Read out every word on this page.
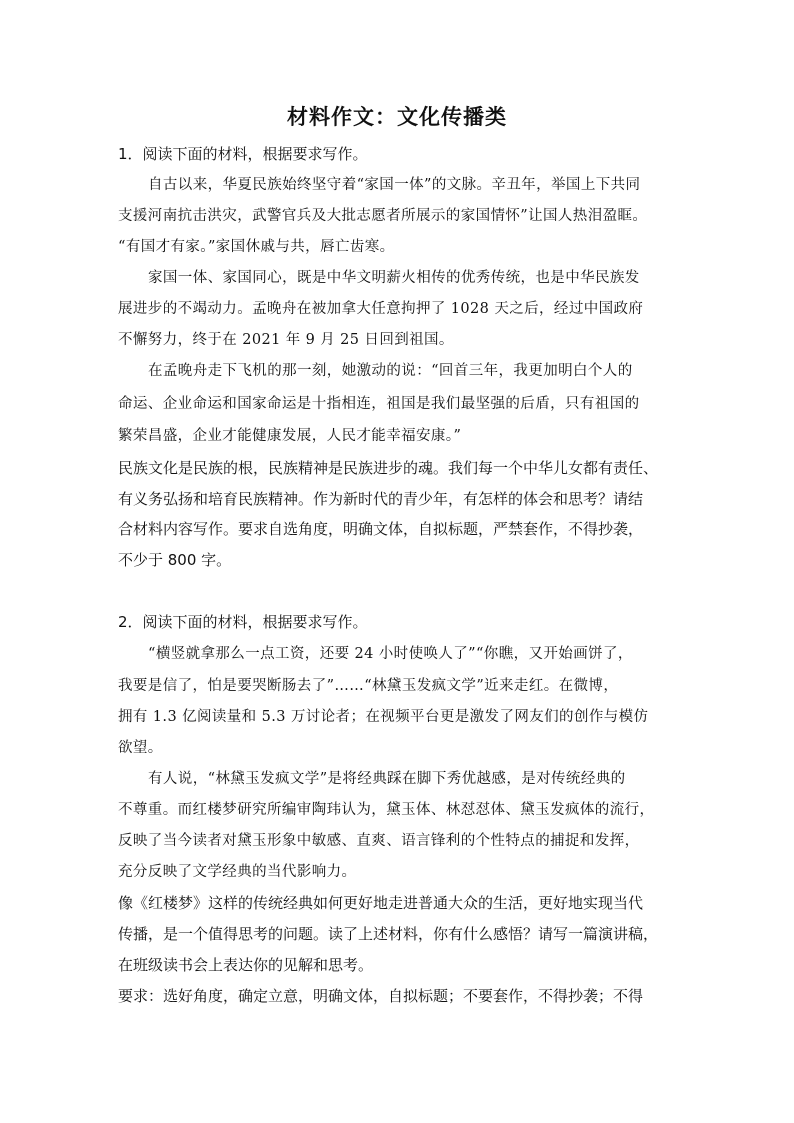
材料作文：文化传播类
1．阅读下面的材料，根据要求写作。
自古以来，华夏民族始终坚守着“家国一体”的文脉。辛丑年，举国上下共同
支援河南抗击洪灾，武警官兵及大批志愿者所展示的家国情怀”让国人热泪盈眶。
“有国才有家。”家国休戚与共，唇亡齿寒。
家国一体、家国同心，既是中华文明薪火相传的优秀传统，也是中华民族发
展进步的不竭动力。孟晚舟在被加拿大任意拘押了 1028 天之后，经过中国政府
不懈努力，终于在 2021 年 9 月 25 日回到祖国。
在孟晚舟走下飞机的那一刻，她激动的说：“回首三年，我更加明白个人的
命运、企业命运和国家命运是十指相连，祖国是我们最坚强的后盾，只有祖国的
繁荣昌盛，企业才能健康发展，人民才能幸福安康。”
民族文化是民族的根，民族精神是民族进步的魂。我们每一个中华儿女都有责任、
有义务弘扬和培育民族精神。作为新时代的青少年，有怎样的体会和思考？请结
合材料内容写作。要求自选角度，明确文体，自拟标题，严禁套作，不得抄袭，
不少于 800 字。
2．阅读下面的材料，根据要求写作。
“横竖就拿那么一点工资，还要 24 小时使唤人了”“你瞧，又开始画饼了，
我要是信了，怕是要哭断肠去了”……“林黛玉发疯文学”近来走红。在微博，
拥有 1.3 亿阅读量和 5.3 万讨论者；在视频平台更是激发了网友们的创作与模仿
欲望。
有人说，“林黛玉发疯文学”是将经典踩在脚下秀优越感，是对传统经典的
不尊重。而红楼梦研究所编审陶玮认为，黛玉体、林怼怼体、黛玉发疯体的流行，
反映了当今读者对黛玉形象中敏感、直爽、语言锋利的个性特点的捕捉和发挥，
充分反映了文学经典的当代影响力。
像《红楼梦》这样的传统经典如何更好地走进普通大众的生活，更好地实现当代
传播，是一个值得思考的问题。读了上述材料，你有什么感悟？请写一篇演讲稿，
在班级读书会上表达你的见解和思考。
要求：选好角度，确定立意，明确文体，自拟标题；不要套作，不得抄袭；不得
